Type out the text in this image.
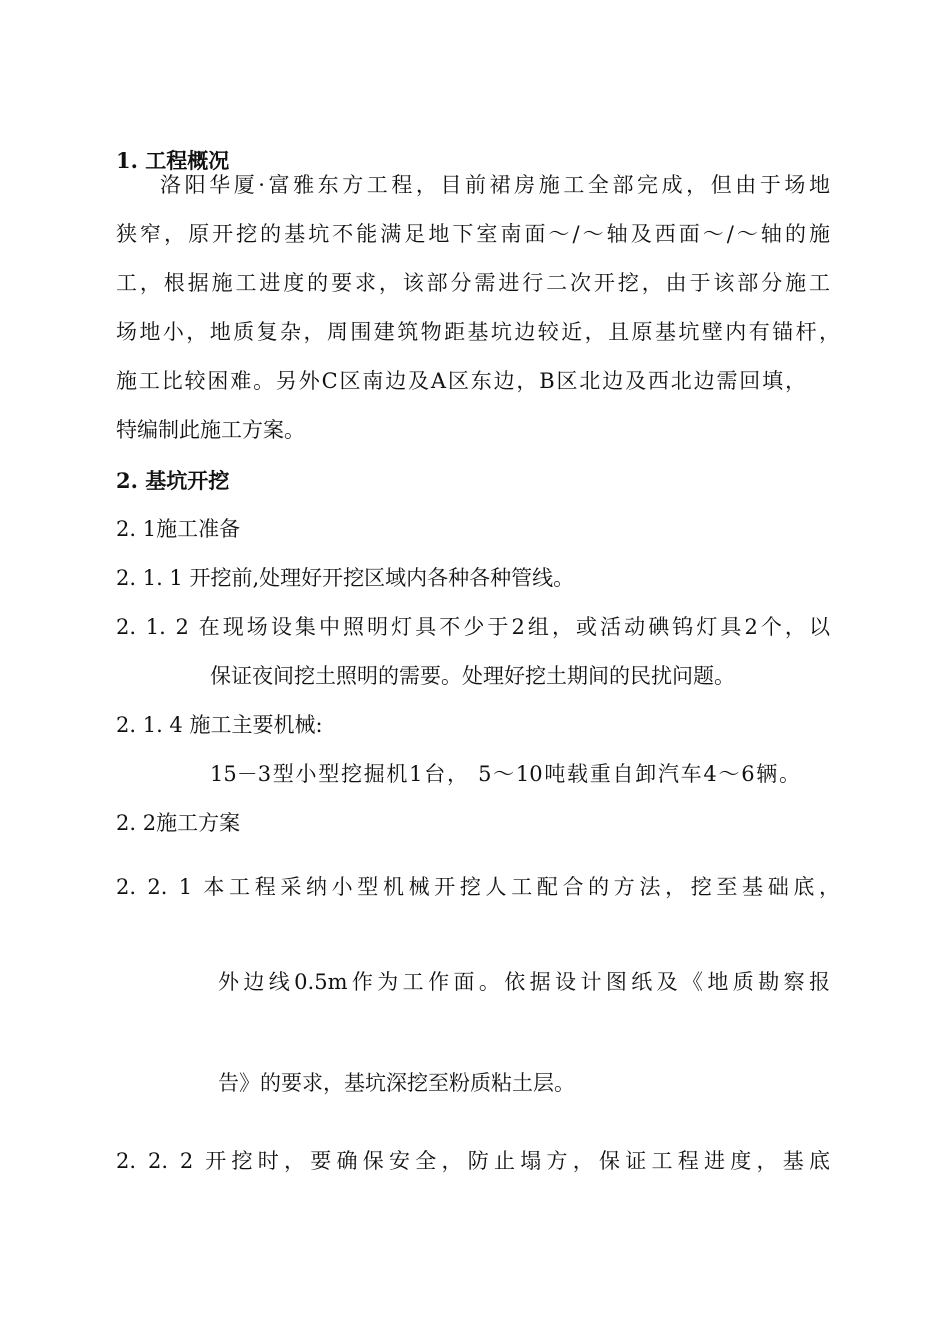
1. 工程概况
洛阳华厦·富雅东方工程，目前裙房施工全部完成，但由于场地
狭窄，原开挖的基坑不能满足地下室南面～/～轴及西面～/～轴的施
工，根据施工进度的要求，该部分需进行二次开挖，由于该部分施工
场地小，地质复杂，周围建筑物距基坑边较近，且原基坑壁内有锚杆，
施工比较困难。另外C区南边及A区东边，B区北边及西北边需回填，
特编制此施工方案。
2. 基坑开挖
2. 1施工准备
2. 1. 1 开挖前,处理好开挖区域内各种各种管线。
2. 1. 2 在现场设集中照明灯具不少于2组，或活动碘钨灯具2个，以
保证夜间挖土照明的需要。处理好挖土期间的民扰问题。
2. 1. 4 施工主要机械:
15－3型小型挖掘机1台， 5～10吨载重自卸汽车4～6辆。
2. 2施工方案
2. 2. 1 本工程采纳小型机械开挖人工配合的方法，挖至基础底，
外边线0.5m作为工作面。依据设计图纸及《地质勘察报
告》的要求，基坑深挖至粉质粘土层。
2. 2. 2 开挖时，要确保安全，防止塌方，保证工程进度，基底
